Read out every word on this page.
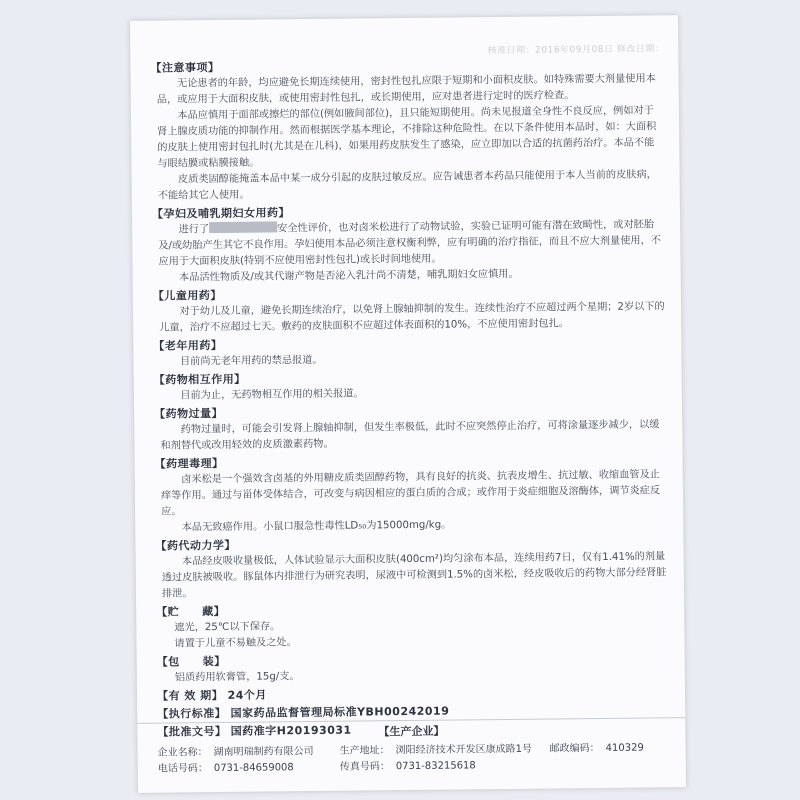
核准日期：2016年09月08日 修改日期：
【注意事项】

无论患者的年龄，均应避免长期连续使用，密封性包扎应限于短期和小面积皮肤。如特殊需要大剂量使用本品，或应用于大面积皮肤，或使用密封性包扎，或长期使用，应对患者进行定时的医疗检查。

本品应慎用于面部或擦烂的部位(例如腋间部位)，且只能短期使用。尚未见报道全身性不良反应，例如对于肾上腺皮质功能的抑制作用。然而根据医学基本理论，不排除这种危险性。在以下条件使用本品时，如：大面积的皮肤上使用密封包扎时(尤其是在儿科)，如果用药皮肤发生了感染，应立即加以合适的抗菌药治疗。本品不能与眼结膜或粘膜接触。

皮质类固醇能掩盖本品中某一成分引起的皮肤过敏反应。应告诫患者本药品只能使用于本人当前的皮肤病，不能给其它人使用。

【孕妇及哺乳期妇女用药】

进行了	安全性评价，也对卤米松进行了动物试验，实验已证明可能有潜在致畸性，或对胚胎及/或幼胎产生其它不良作用。孕妇使用本品必须注意权衡利弊，应有明确的治疗指征，而且不应大剂量使用，不应用于大面积皮肤(特别不应使用密封性包扎)或长时间地使用。

本品活性物质及/或其代谢产物是否泌入乳汁尚不清楚，哺乳期妇女应慎用。

【儿童用药】

对于幼儿及儿童，避免长期连续治疗，以免肾上腺轴抑制的发生。连续性治疗不应超过两个星期；2岁以下的儿童，治疗不应超过七天。敷药的皮肤面积不应超过体表面积的10%，不应使用密封包扎。

【老年用药】

目前尚无老年用药的禁忌报道。

【药物相互作用】

目前为止，无药物相互作用的相关报道。

【药物过量】

药物过量时，可能会引发肾上腺轴抑制，但发生率极低，此时不应突然停止治疗，可将涂量逐步减少，以缓和剂替代或改用轻效的皮质激素药物。

【药理毒理】

卤米松是一个强效含卤基的外用糖皮质类固醇药物，具有良好的抗炎、抗表皮增生、抗过敏、收缩血管及止痒等作用。通过与甾体受体结合，可改变与病因相应的蛋白质的合成；或作用于炎症细胞及溶酶体，调节炎症反应。

本品无致癌作用。小鼠口服急性毒性LD₅₀为15000mg/kg。

【药代动力学】

本品经皮吸收量极低，人体试验显示大面积皮肤(400cm²)均匀涂布本品，连续用药7日，仅有1.41%的剂量透过皮肤被吸收。豚鼠体内排泄行为研究表明，尿液中可检测到1.5%的卤米松，经皮吸收后的药物大部分经肾脏排泄。

【贮　　藏】

遮光，25℃以下保存。

请置于儿童不易触及之处。

【包　　装】

铝质药用软膏管，15g/支。

【有 效 期】 24个月
【执行标准】 国家药品监督管理局标准YBH00242019
【批准文号】 国药准字H20193031	【生产企业】
企业名称： 湖南明瑞制药有限公司	生产地址： 浏阳经济技术开发区康成路1号 邮政编码： 410329
电话号码： 0731-84659008	传真号码： 0731-83215618
